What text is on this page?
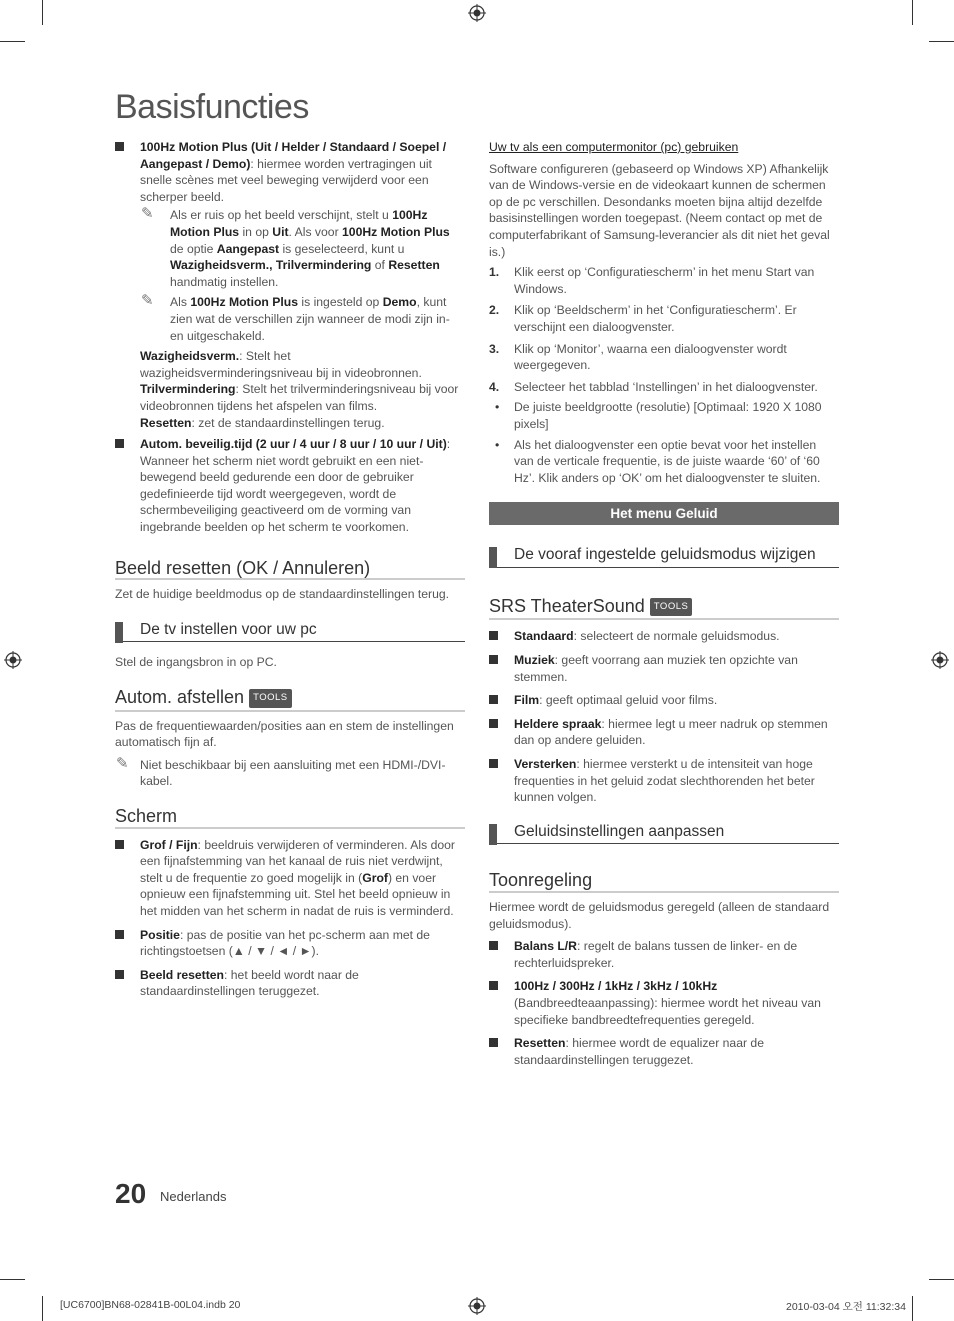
Basisfuncties
100Hz Motion Plus (Uit / Helder / Standaard / Soepel / Aangepast / Demo): hiermee worden vertragingen uit snelle scènes met veel beweging verwijderd voor een scherper beeld.
✎ Als er ruis op het beeld verschijnt, stelt u 100Hz Motion Plus in op Uit. Als voor 100Hz Motion Plus de optie Aangepast is geselecteerd, kunt u Wazigheidsverm., Trilvermindering of Resetten handmatig instellen.
✎ Als 100Hz Motion Plus is ingesteld op Demo, kunt zien wat de verschillen zijn wanneer de modi zijn in- en uitgeschakeld.
Wazigheidsverm.: Stelt het wazigheidsverminderingsniveau bij in videobronnen.
Trilvermindering: Stelt het trilverminderingsniveau bij voor videobronnen tijdens het afspelen van films.
Resetten: zet de standaardinstellingen terug.
Autom. beveilig.tijd (2 uur / 4 uur / 8 uur / 10 uur / Uit): Wanneer het scherm niet wordt gebruikt en een niet-bewegend beeld gedurende een door de gebruiker gedefinieerde tijd wordt weergegeven, wordt de schermbeveiliging geactiveerd om de vorming van ingebrande beelden op het scherm te voorkomen.
Beeld resetten (OK / Annuleren)
Zet de huidige beeldmodus op de standaardinstellingen terug.
De tv instellen voor uw pc
Stel de ingangsbron in op PC.
Autom. afstellen TOOLS
Pas de frequentiewaarden/posities aan en stem de instellingen automatisch fijn af.
✎ Niet beschikbaar bij een aansluiting met een HDMI-/DVI-kabel.
Scherm
Grof / Fijn: beeldruis verwijderen of verminderen. Als door een fijnafstemming van het kanaal de ruis niet verdwijnt, stelt u de frequentie zo goed mogelijk in (Grof) en voer opnieuw een fijnafstemming uit. Stel het beeld opnieuw in het midden van het scherm in nadat de ruis is verminderd.
Positie: pas de positie van het pc-scherm aan met de richtingstoetsen (▲ / ▼ / ◄ / ►).
Beeld resetten: het beeld wordt naar de standaardinstellingen teruggezet.
Uw tv als een computermonitor (pc) gebruiken
Software configureren (gebaseerd op Windows XP) Afhankelijk van de Windows-versie en de videokaart kunnen de schermen op de pc verschillen. Desondanks moeten bijna altijd dezelfde basisinstellingen worden toegepast. (Neem contact op met de computerfabrikant of Samsung-leverancier als dit niet het geval is.)
1. Klik eerst op ‘Configuratiescherm’ in het menu Start van Windows.
2. Klik op ‘Beeldscherm’ in het ‘Configuratiescherm’. Er verschijnt een dialoogvenster.
3. Klik op ‘Monitor’, waarna een dialoogvenster wordt weergegeven.
4. Selecteer het tabblad ‘Instellingen’ in het dialoogvenster.
• De juiste beeldgrootte (resolutie) [Optimaal: 1920 X 1080 pixels]
• Als het dialoogvenster een optie bevat voor het instellen van de verticale frequentie, is de juiste waarde ‘60’ of ‘60 Hz’. Klik anders op ‘OK’ om het dialoogvenster te sluiten.
Het menu Geluid
De vooraf ingestelde geluidsmodus wijzigen
SRS TheaterSound TOOLS
Standaard: selecteert de normale geluidsmodus.
Muziek: geeft voorrang aan muziek ten opzichte van stemmen.
Film: geeft optimaal geluid voor films.
Heldere spraak: hiermee legt u meer nadruk op stemmen dan op andere geluiden.
Versterken: hiermee versterkt u de intensiteit van hoge frequenties in het geluid zodat slechthorenden het beter kunnen volgen.
Geluidsinstellingen aanpassen
Toonregeling
Hiermee wordt de geluidsmodus geregeld (alleen de standaard geluidsmodus).
Balans L/R: regelt de balans tussen de linker- en de rechterluidspreker.
100Hz / 300Hz / 1kHz / 3kHz / 10kHz (Bandbreedteaanpassing): hiermee wordt het niveau van specifieke bandbreedtefrequenties geregeld.
Resetten: hiermee wordt de equalizer naar de standaardinstellingen teruggezet.
20 Nederlands
[UC6700]BN68-02841B-00L04.indb 20	2010-03-04 오전 11:32:34
